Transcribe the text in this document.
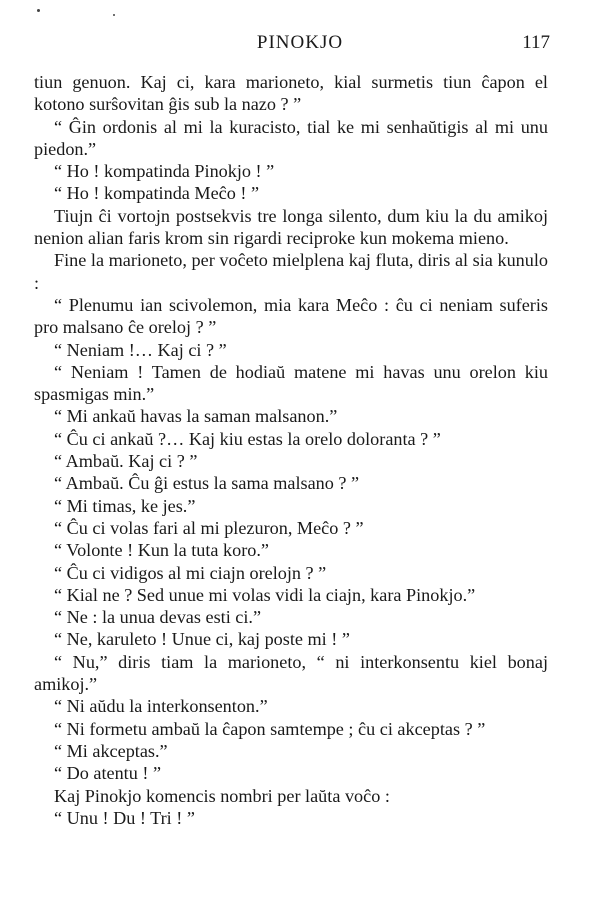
PINOKJO	117

tiun genuon. Kaj ci, kara marioneto, kial surmetis tiun ĉapon el kotono surŝovitan ĝis sub la nazo ? ”

“ Ĝin ordonis al mi la kuracisto, tial ke mi senhaŭtigis al mi unu piedon.”

“ Ho ! kompatinda Pinokjo ! ”

“ Ho ! kompatinda Meĉo ! ”

Tiujn ĉi vortojn postsekvis tre longa silento, dum kiu la du amikoj nenion alian faris krom sin rigardi reciproke kun mokema mieno.

Fine la marioneto, per voĉeto mielplena kaj fluta, diris al sia kunulo :

“ Plenumu ian scivolemon, mia kara Meĉo : ĉu ci neniam suferis pro malsano ĉe oreloj ? ”

“ Neniam !… Kaj ci ? ”

“ Neniam ! Tamen de hodiaŭ matene mi havas unu orelon kiu spasmigas min.”

“ Mi ankaŭ havas la saman malsanon.”

“ Ĉu ci ankaŭ ?… Kaj kiu estas la orelo doloranta ? ”

“ Ambaŭ. Kaj ci ? ”

“ Ambaŭ. Ĉu ĝi estus la sama malsano ? ”

“ Mi timas, ke jes.”

“ Ĉu ci volas fari al mi plezuron, Meĉo ? ”

“ Volonte ! Kun la tuta koro.”

“ Ĉu ci vidigos al mi ciajn orelojn ? ”

“ Kial ne ? Sed unue mi volas vidi la ciajn, kara Pinokjo.”

“ Ne : la unua devas esti ci.”

“ Ne, karuleto ! Unue ci, kaj poste mi ! ”

“ Nu,” diris tiam la marioneto, “ ni interkonsentu kiel bonaj amikoj.”

“ Ni aŭdu la interkonsenton.”

“ Ni formetu ambaŭ la ĉapon samtempe ; ĉu ci akceptas ? ”

“ Mi akceptas.”

“ Do atentu ! ”

Kaj Pinokjo komencis nombri per laŭta voĉo :

“ Unu ! Du ! Tri ! ”
